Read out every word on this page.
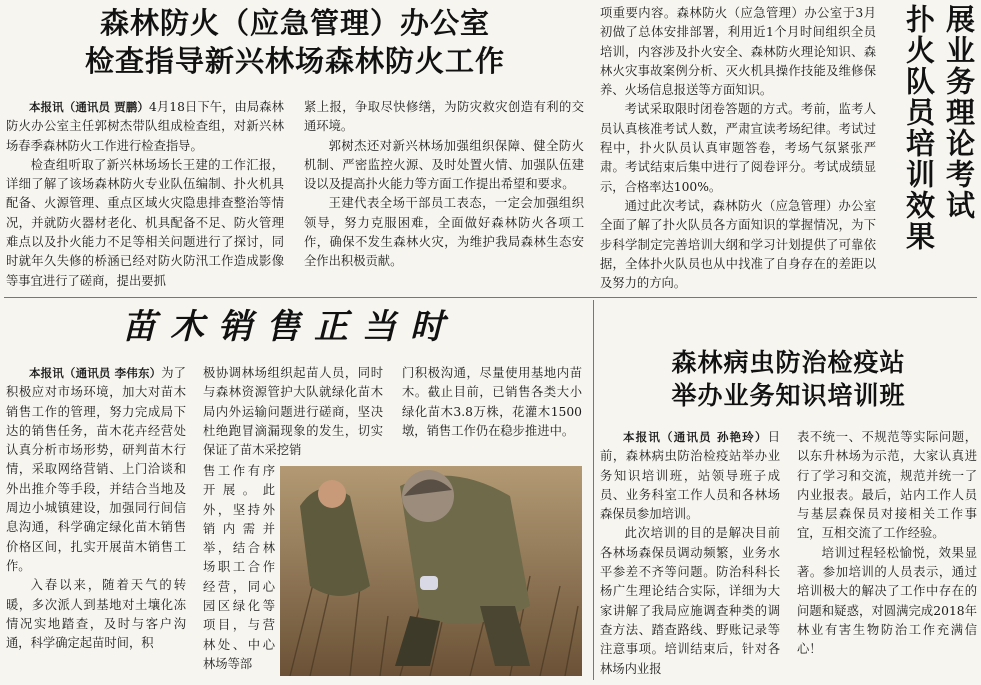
森林防火（应急管理）办公室
检查指导新兴林场森林防火工作

本报讯（通讯员 贾鹏）4月18日下午，由局森林防火办公室主任郭树杰带队组成检查组，对新兴林场春季森林防火工作进行检查指导。

检查组听取了新兴林场场长王建的工作汇报，详细了解了该场森林防火专业队伍编制、扑火机具配备、火源管理、重点区域火灾隐患排查整治等情况，并就防火器材老化、机具配备不足、防火管理难点以及扑火能力不足等相关问题进行了探讨，同时就年久失修的桥涵已经对防火防汛工作造成影像等事宜进行了磋商，提出要抓

紧上报，争取尽快修缮，为防灾救灾创造有利的交通环境。

郭树杰还对新兴林场加强组织保障、健全防火机制、严密监控火源、及时处置火情、加强队伍建设以及提高扑火能力等方面工作提出希望和要求。

王建代表全场干部员工表态，一定会加强组织领导，努力克服困难，全面做好森林防火各项工作，确保不发生森林火灾，为维护我局森林生态安全作出积极贡献。

项重要内容。森林防火（应急管理）办公室于3月初做了总体安排部署，利用近1个月时间组织全员培训，内容涉及扑火安全、森林防火理论知识、森林火灾事故案例分析、灭火机具操作技能及维修保养、火场信息报送等方面知识。

考试采取限时闭卷答题的方式。考前，监考人员认真核准考试人数，严肃宣读考场纪律。考试过程中，扑火队员认真审题答卷，考场气氛紧张严肃。考试结束后集中进行了阅卷评分。考试成绩显示，合格率达100%。

通过此次考试，森林防火（应急管理）办公室全面了解了扑火队员各方面知识的掌握情况，为下步科学制定完善培训大纲和学习计划提供了可靠依据，全体扑火队员也从中找准了自身存在的差距以及努力的方向。

展业务理论考试
扑火队员培训效果
苗木销售正当时

本报讯（通讯员 李伟东）为了积极应对市场环境，加大对苗木销售工作的管理，努力完成局下达的销售任务，苗木花卉经营处认真分析市场形势，研判苗木行情，采取网络营销、上门洽谈和外出推介等手段，并结合当地及周边小城镇建设，加强同行间信息沟通，科学确定绿化苗木销售价格区间，扎实开展苗木销售工作。

入春以来，随着天气的转暖，多次派人到基地对土壤化冻情况实地踏查，及时与客户沟通，科学确定起苗时间，积

极协调林场组织起苗人员，同时与森林资源管护大队就绿化苗木局内外运输问题进行磋商，坚决杜绝跑冒滴漏现象的发生，切实保证了苗木采挖销

售工作有序开展。此外，坚持外销内需并举，结合林场职工合作经营，同心园区绿化等项目，与营林处、中心林场等部

门积极沟通，尽量使用基地内苗木。截止目前，已销售各类大小绿化苗木3.8万株，花灌木1500墩，销售工作仍在稳步推进中。

森林病虫防治检疫站
举办业务知识培训班

本报讯（通讯员 孙艳玲）日前，森林病虫防治检疫站举办业务知识培训班，站领导班子成员、业务科室工作人员和各林场森保员参加培训。

此次培训的目的是解决目前各林场森保员调动频繁，业务水平参差不齐等问题。防治科科长杨广生理论结合实际，详细为大家讲解了我局应施调查种类的调查方法、踏查路线、野账记录等注意事项。培训结束后，针对各林场内业报

表不统一、不规范等实际问题，以东升林场为示范，大家认真进行了学习和交流，规范并统一了内业报表。最后，站内工作人员与基层森保员对接相关工作事宜，互相交流了工作经验。

培训过程轻松愉悦，效果显著。参加培训的人员表示，通过培训极大的解决了工作中存在的问题和疑惑，对圆满完成2018年林业有害生物防治工作充满信心！
